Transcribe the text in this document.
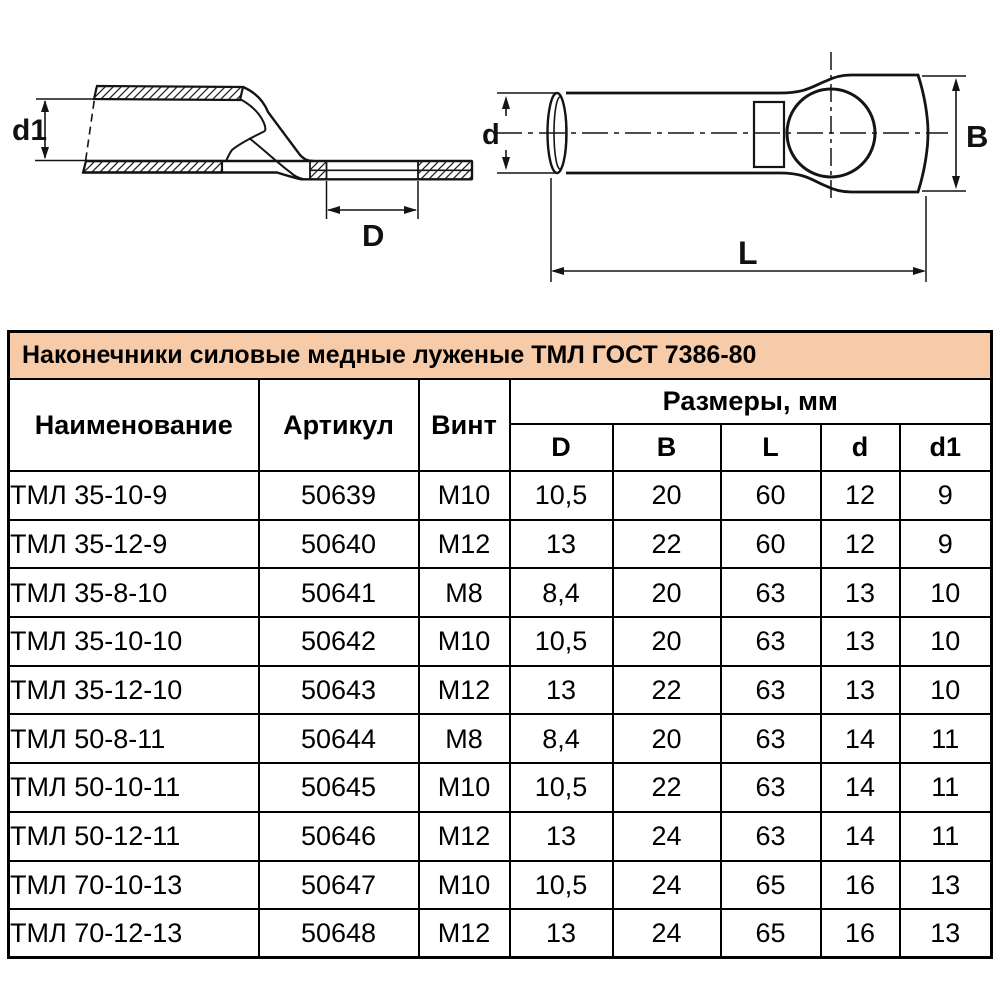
d1
D
d	B
L
Наконечники силовые медные луженые ТМЛ ГОСТ 7386-80							
Наименование	Артикул	Винт	Размеры, мм				
			D	B	L	d	d1
ТМЛ 35-10-9	50639	М10	10,5	20	60	12	9
ТМЛ 35-12-9	50640	М12	13	22	60	12	9
ТМЛ 35-8-10	50641	М8	8,4	20	63	13	10
ТМЛ 35-10-10	50642	М10	10,5	20	63	13	10
ТМЛ 35-12-10	50643	М12	13	22	63	13	10
ТМЛ 50-8-11	50644	М8	8,4	20	63	14	11
ТМЛ 50-10-11	50645	М10	10,5	22	63	14	11
ТМЛ 50-12-11	50646	М12	13	24	63	14	11
ТМЛ 70-10-13	50647	М10	10,5	24	65	16	13
ТМЛ 70-12-13	50648	М12	13	24	65	16	13
